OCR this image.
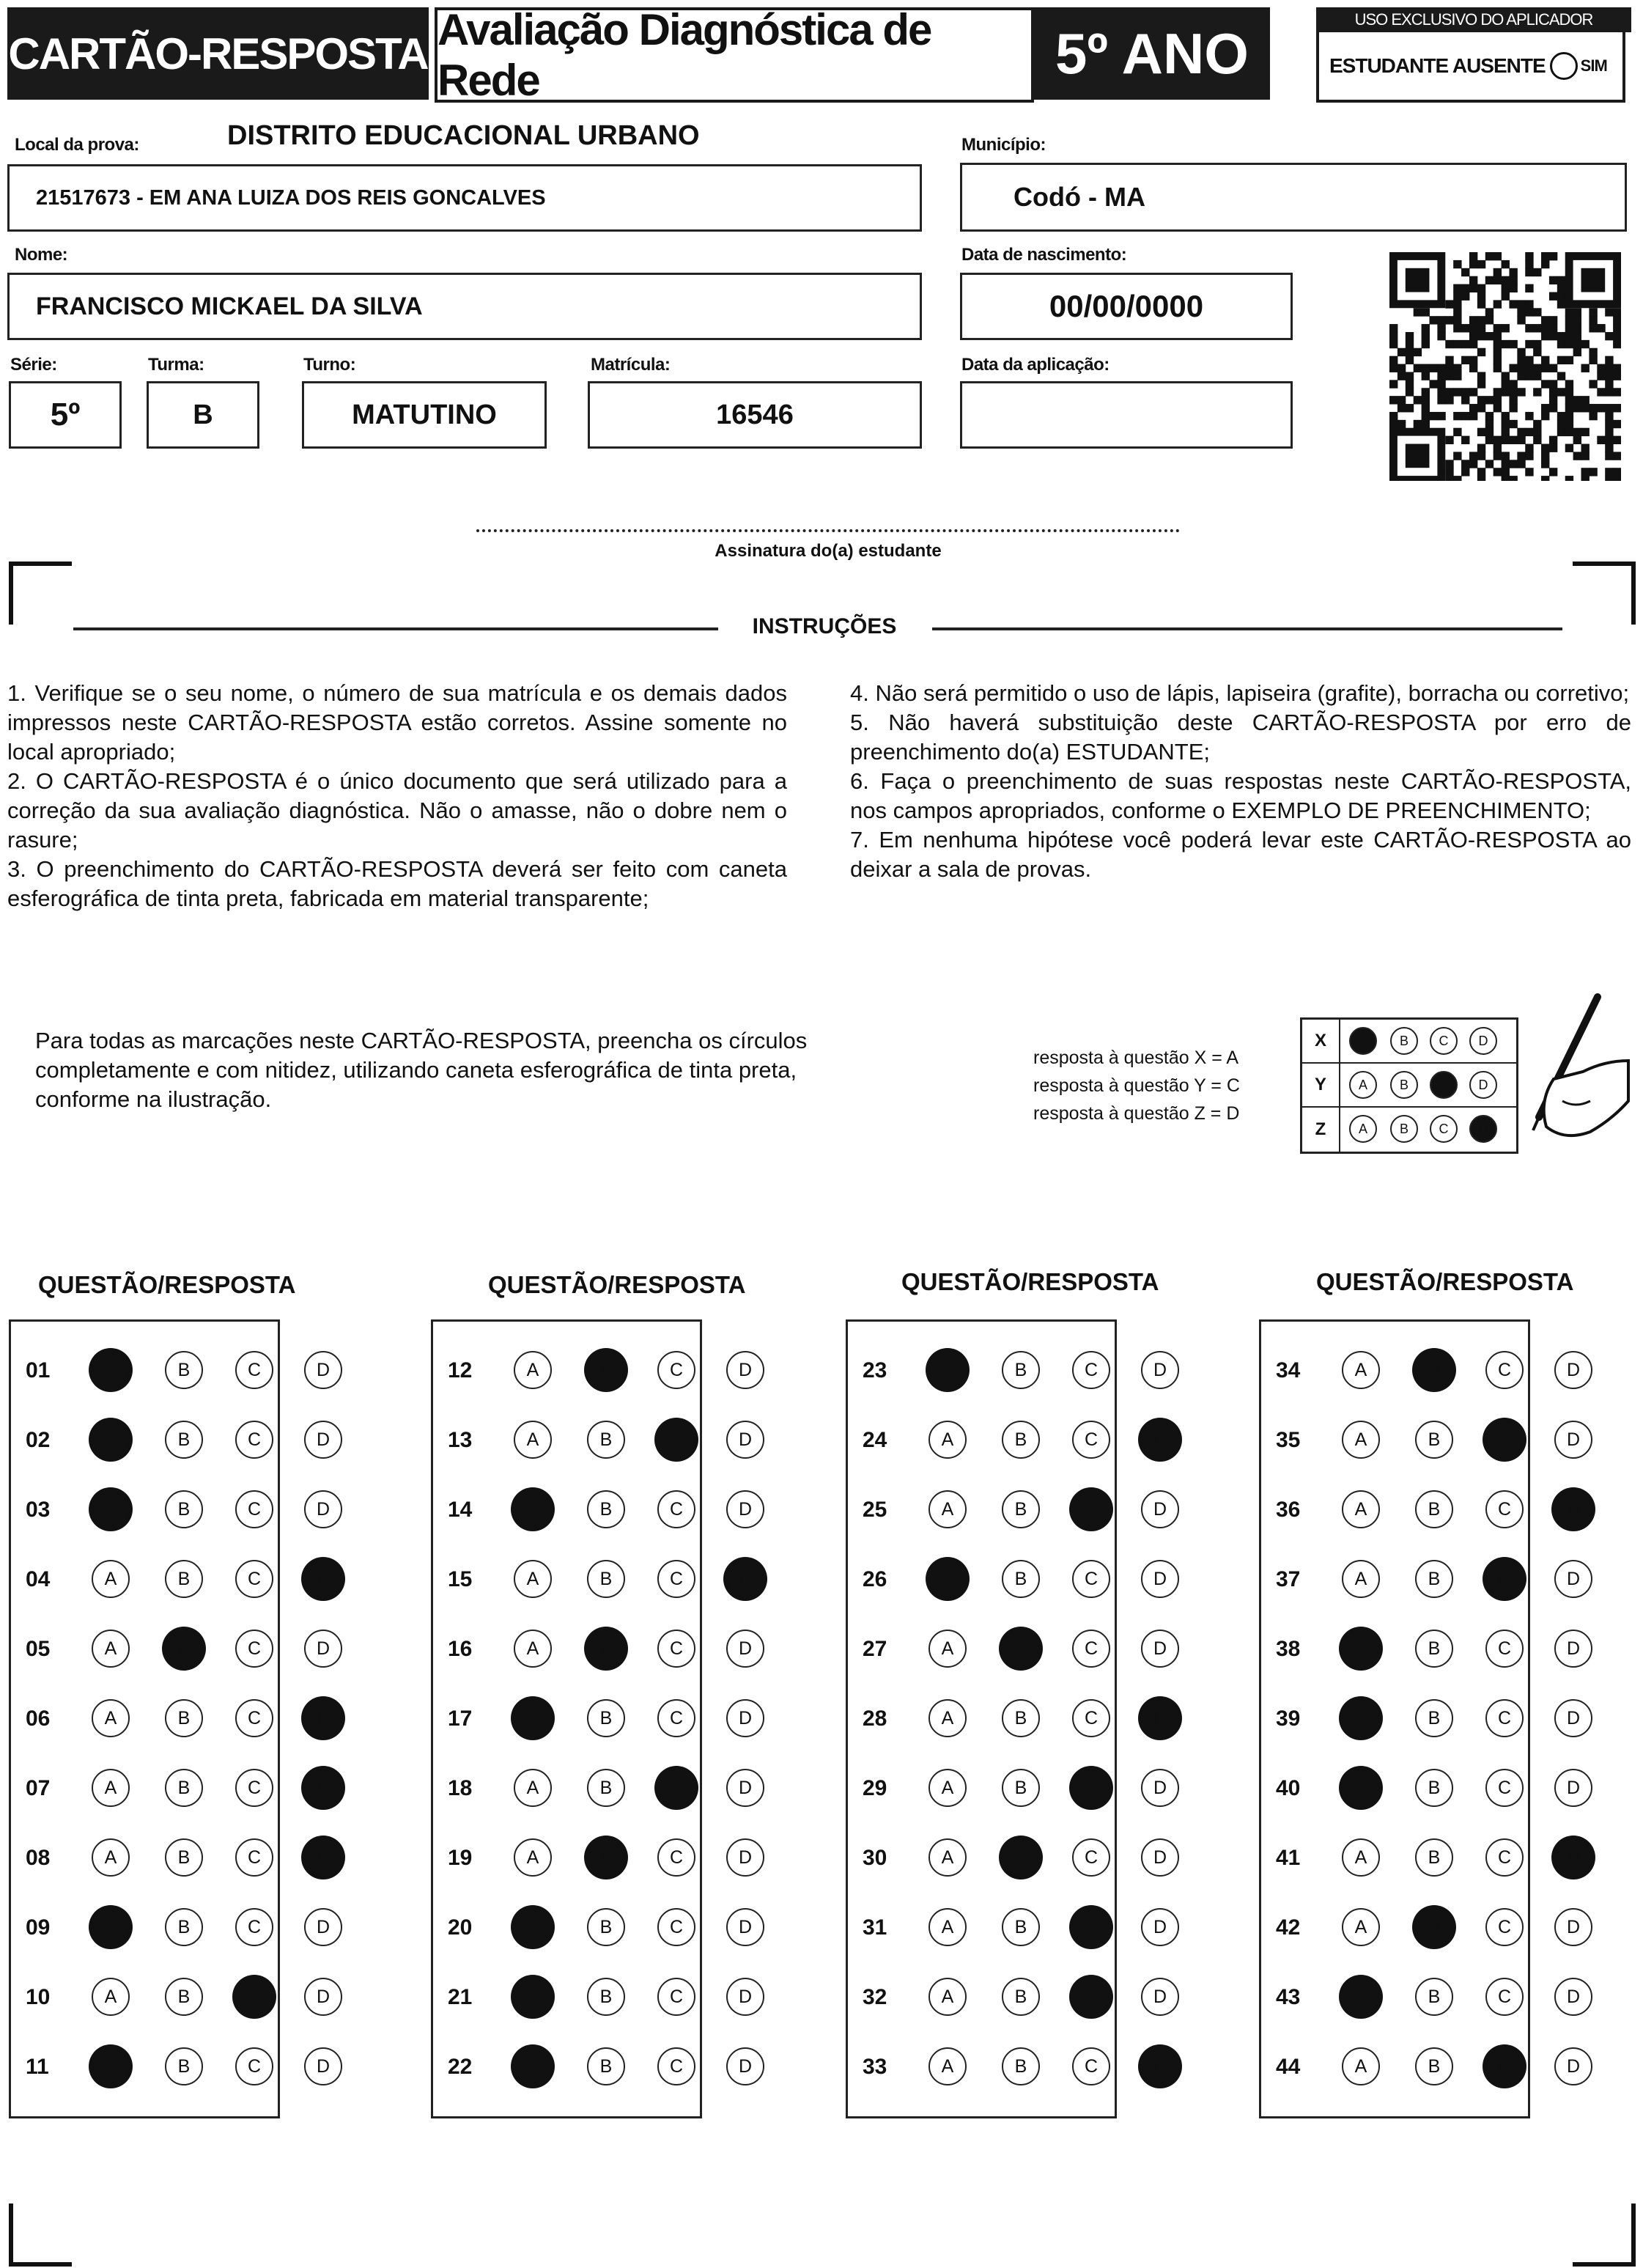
CARTÃO-RESPOSTA Avaliação Diagnóstica de Rede	5º ANO
USO EXCLUSIVO DO APLICADOR
ESTUDANTE AUSENTE SIM
Local da prova:	DISTRITO EDUCACIONAL URBANO
21517673 - EM ANA LUIZA DOS REIS GONCALVES
Município:
Codó - MA
Nome:
FRANCISCO MICKAEL DA SILVA
Data de nascimento:
00/00/0000
Série:
5º
Turma:
B
Turno:
MATUTINO
Matrícula:
16546
Data da aplicação:
Assinatura do(a) estudante
INSTRUÇÕES

1. Verifique se o seu nome, o número de sua matrícula e os demais dados impressos neste CARTÃO-RESPOSTA estão corretos. Assine somente no local apropriado;

2. O CARTÃO-RESPOSTA é o único documento que será utilizado para a correção da sua avaliação diagnóstica. Não o amasse, não o dobre nem o rasure;

3. O preenchimento do CARTÃO-RESPOSTA deverá ser feito com caneta esferográfica de tinta preta, fabricada em material transparente;

4. Não será permitido o uso de lápis, lapiseira (grafite), borracha ou corretivo;

5. Não haverá substituição deste CARTÃO-RESPOSTA por erro de preenchimento do(a) ESTUDANTE;

6. Faça o preenchimento de suas respostas neste CARTÃO-RESPOSTA, nos campos apropriados, conforme o EXEMPLO DE PREENCHIMENTO;

7. Em nenhuma hipótese você poderá levar este CARTÃO-RESPOSTA ao deixar a sala de provas.

Para todas as marcações neste CARTÃO-RESPOSTA, preencha os círculos completamente e com nitidez, utilizando caneta esferográfica de tinta preta, conforme na ilustração.
resposta à questão X = A
resposta à questão Y = C
resposta à questão Z = D
X	A	B	C	D
Y	A	B	C	D
Z	A	B	C	D
QUESTÃO/RESPOSTA	QUESTÃO/RESPOSTA	QUESTÃO/RESPOSTA	QUESTÃO/RESPOSTA
01	A	B	C	D
02	A	B	C	D
03	A	B	C	D
04	A	B	C	D
05	A	B	C	D
06	A	B	C	D
07	A	B	C	D
08	A	B	C	D
09	A	B	C	D
10	A	B	C	D
11	A	B	C	D
12	A	B	C	D
13	A	B	C	D
14	A	B	C	D
15	A	B	C	D
16	A	B	C	D
17	A	B	C	D
18	A	B	C	D
19	A	B	C	D
20	A	B	C	D
21	A	B	C	D
22	A	B	C	D
23	A	B	C	D
24	A	B	C	D
25	A	B	C	D
26	A	B	C	D
27	A	B	C	D
28	A	B	C	D
29	A	B	C	D
30	A	B	C	D
31	A	B	C	D
32	A	B	C	D
33	A	B	C	D
34	A	B	C	D
35	A	B	C	D
36	A	B	C	D
37	A	B	C	D
38	A	B	C	D
39	A	B	C	D
40	A	B	C	D
41	A	B	C	D
42	A	B	C	D
43	A	B	C	D
44	A	B	C	D
